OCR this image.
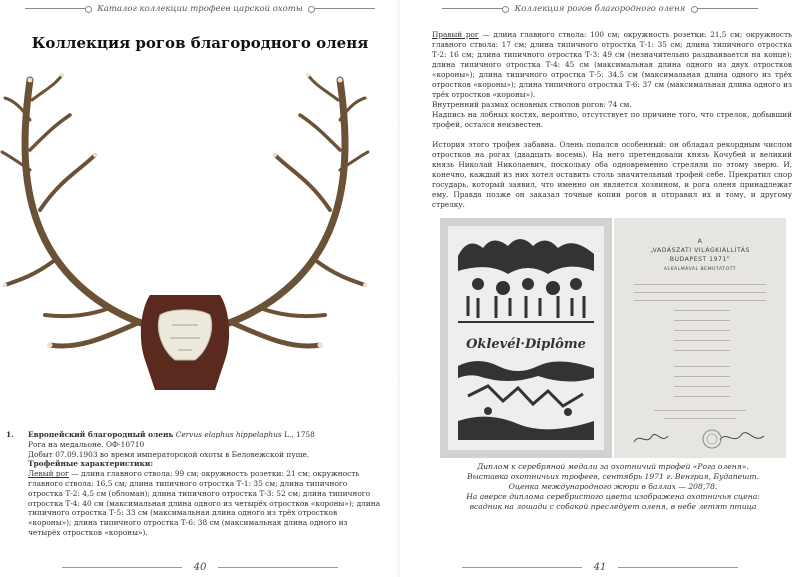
Каталог коллекции трофеев царской охоты
Коллекция рогов благородного оленя
1. Европейский благородный олень Cervus elaphus hippelaphus L., 1758
Рога на медальоне. ОФ-10710
Добыт 07.09.1903 во время императорской охоты в Беловежской пуще.
Трофейные характеристики:
Левый рог — длина главного ствола: 99 см; окружность розетки: 21 см; окружность главного ствола: 16,5 см; длина типичного отростка Т-1: 35 см; длина типичного отростка Т-2: 4,5 см (обломан); длина типичного отростка Т-3: 52 см; длина типичного отростка Т-4: 40 см (максимальная длина одного из четырёх отростков «короны»); длина типичного отростка Т-5: 33 см (максимальная длина одного из трёх отростков «короны»); длина типичного отростка Т-6: 38 см (максимальная длина одного из четырёх отростков «короны»).
40
Коллекция рогов благородного оленя

Правый рог — длина главного ствола: 100 см; окружность розетки: 21,5 см; окружность главного ствола: 17 см; длина типичного отростка Т-1: 35 см; длина типичного отростка Т-2: 16 см; длина типичного отростка Т-3: 49 см (незначительно раздваивается на конце); длина типичного отростка Т-4: 45 см (максимальная длина одного из двух отростков «короны»); длина типичного отростка Т-5: 34,5 см (максимальная длина одного из трёх отростков «короны»); длина типичного отростка Т-6: 37 см (максимальная длина одного из трёх отростков «короны»).

Внутренний размах основных стволов рогов: 74 см.

Надпись на лобных костях, вероятно, отсутствует по причине того, что стрелок, добывший трофей, остался неизвестен.

История этого трофея забавна. Олень попался особенный: он обладал рекордным числом отростков на рогах (двадцать восемь). На него претендовали князь Кочубей и великий князь Николай Николаевич, поскольку оба одновременно стреляли по этому зверю. И, конечно, каждый из них хотел оставить столь значительный трофей себе. Прекратил спор государь, который заявил, что именно он является хозяином, и рога оленя принадлежат ему. Правда позже он заказал точные копии рогов и отправил их и тому, и другому стрелку.
Oklevél·Diplôme
A
„VADÁSZATI VILÁGKIÁLLÍTÁS
BUDAPEST 1971"
ALKALMÁVAL BEMUTATOTT
Диплом к серебряной медали за охотничий трофей «Рога оленя».
Выставка охотничьих трофеев, сентябрь 1971 г. Венгрия, Будапешт.
Оценка международного жюри в баллах — 208,78.
На аверсе диплома серебристого цвета изображена охотничья сцена:
всадник на лошади с собакой преследует оленя, в небе летят птица
41
